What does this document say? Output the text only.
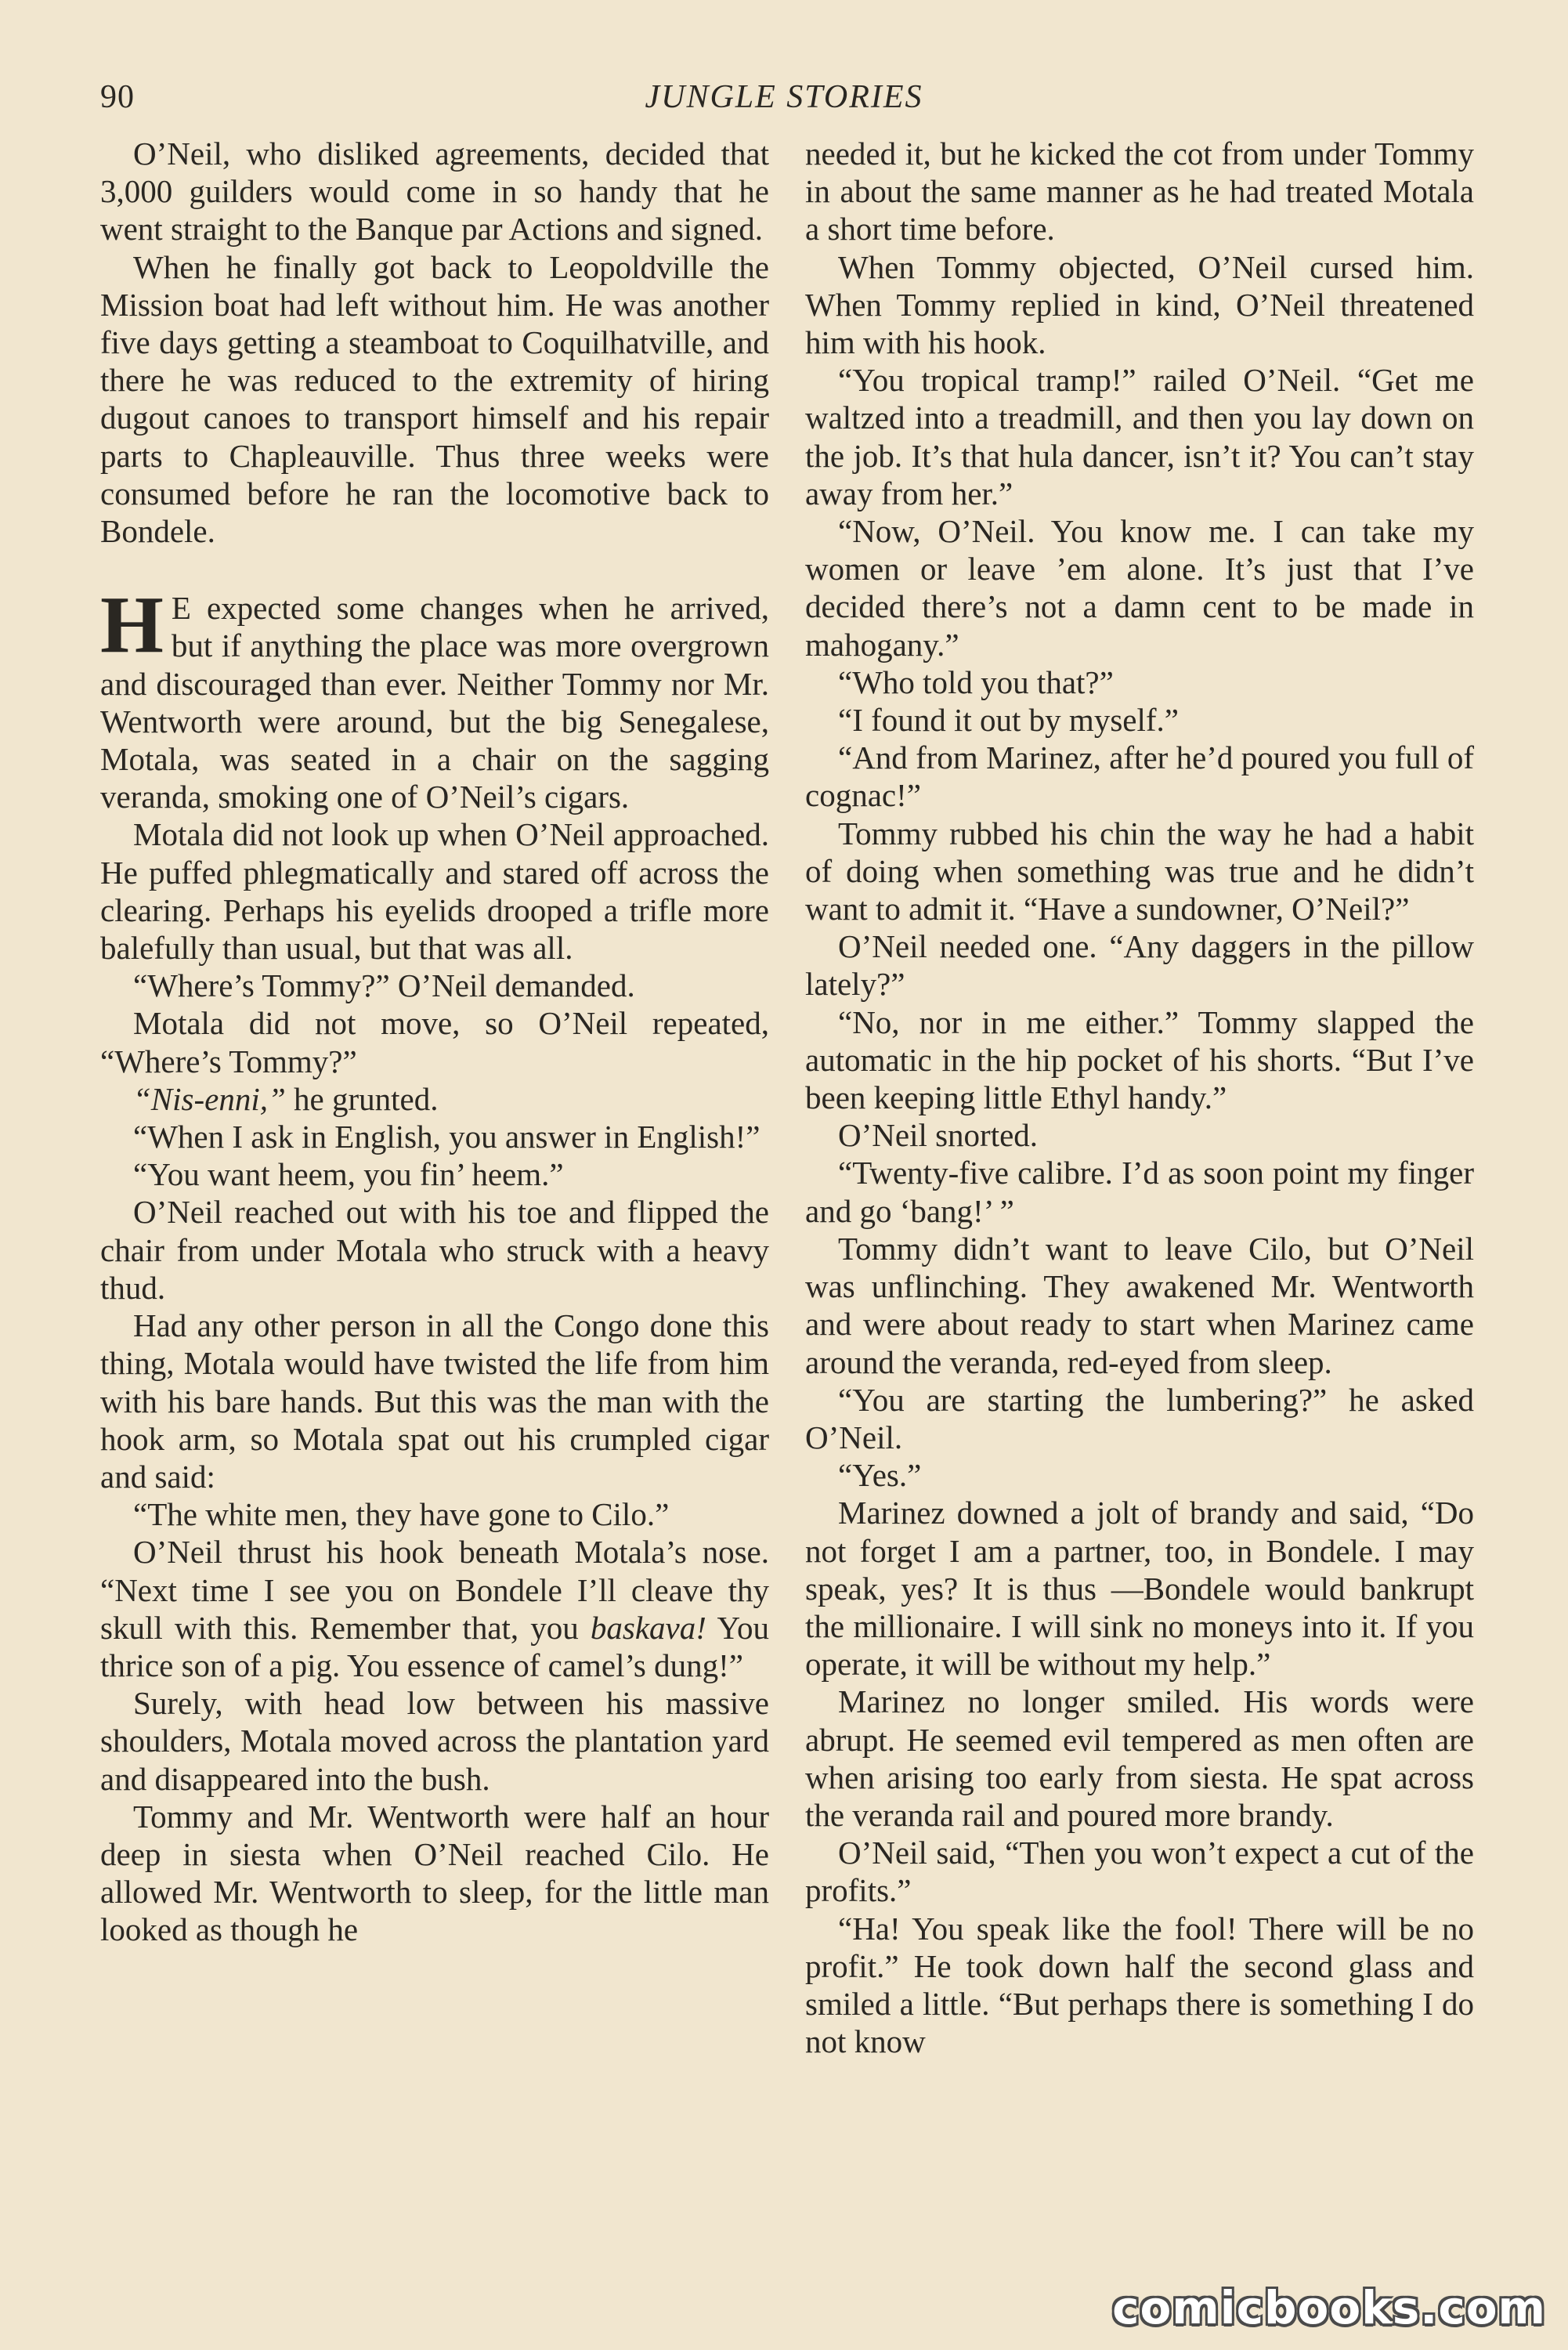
90	JUNGLE STORIES

O’Neil, who disliked agreements, decided that 3,000 guilders would come in so handy that he went straight to the Banque par Actions and signed.

When he finally got back to Leopoldville the Mission boat had left without him. He was another five days getting a steamboat to Coquilhatville, and there he was reduced to the extremity of hiring dugout canoes to transport himself and his repair parts to Chapleauville. Thus three weeks were consumed before he ran the locomotive back to Bondele.

H E expected some changes when he arrived, but if anything the place was more overgrown and discouraged than ever. Neither Tommy nor Mr. Wentworth were around, but the big Senegalese, Motala, was seated in a chair on the sagging veranda, smoking one of O’Neil’s cigars.

Motala did not look up when O’Neil approached. He puffed phlegmatically and stared off across the clearing. Perhaps his eyelids drooped a trifle more balefully than usual, but that was all.

“Where’s Tommy?” O’Neil demanded.

Motala did not move, so O’Neil repeated, “Where’s Tommy?”

“Nis-enni,” he grunted.

“When I ask in English, you answer in English!”

“You want heem, you fin’ heem.”

O’Neil reached out with his toe and flipped the chair from under Motala who struck with a heavy thud.

Had any other person in all the Congo done this thing, Motala would have twisted the life from him with his bare hands. But this was the man with the hook arm, so Motala spat out his crumpled cigar and said:

“The white men, they have gone to Cilo.”

O’Neil thrust his hook beneath Motala’s nose. “Next time I see you on Bondele I’ll cleave thy skull with this. Remember that, you baskava! You thrice son of a pig. You essence of camel’s dung!”

Surely, with head low between his massive shoulders, Motala moved across the plantation yard and disappeared into the bush.

Tommy and Mr. Wentworth were half an hour deep in siesta when O’Neil reached Cilo. He allowed Mr. Wentworth to sleep, for the little man looked as though he

needed it, but he kicked the cot from under Tommy in about the same manner as he had treated Motala a short time before.

When Tommy objected, O’Neil cursed him. When Tommy replied in kind, O’Neil threatened him with his hook.

“You tropical tramp!” railed O’Neil. “Get me waltzed into a treadmill, and then you lay down on the job. It’s that hula dancer, isn’t it? You can’t stay away from her.”

“Now, O’Neil. You know me. I can take my women or leave ’em alone. It’s just that I’ve decided there’s not a damn cent to be made in mahogany.”

“Who told you that?”

“I found it out by myself.”

“And from Marinez, after he’d poured you full of cognac!”

Tommy rubbed his chin the way he had a habit of doing when something was true and he didn’t want to admit it. “Have a sundowner, O’Neil?”

O’Neil needed one. “Any daggers in the pillow lately?”

“No, nor in me either.” Tommy slapped the automatic in the hip pocket of his shorts. “But I’ve been keeping little Ethyl handy.”

O’Neil snorted.

“Twenty-five calibre. I’d as soon point my finger and go ‘bang!’ ”

Tommy didn’t want to leave Cilo, but O’Neil was unflinching. They awakened Mr. Wentworth and were about ready to start when Marinez came around the veranda, red-eyed from sleep.

“You are starting the lumbering?” he asked O’Neil.

“Yes.”

Marinez downed a jolt of brandy and said, “Do not forget I am a partner, too, in Bondele. I may speak, yes? It is thus —Bondele would bankrupt the millionaire. I will sink no moneys into it. If you operate, it will be without my help.”

Marinez no longer smiled. His words were abrupt. He seemed evil tempered as men often are when arising too early from siesta. He spat across the veranda rail and poured more brandy.

O’Neil said, “Then you won’t expect a cut of the profits.”

“Ha! You speak like the fool! There will be no profit.” He took down half the second glass and smiled a little. “But perhaps there is something I do not know

comicbooks.com
